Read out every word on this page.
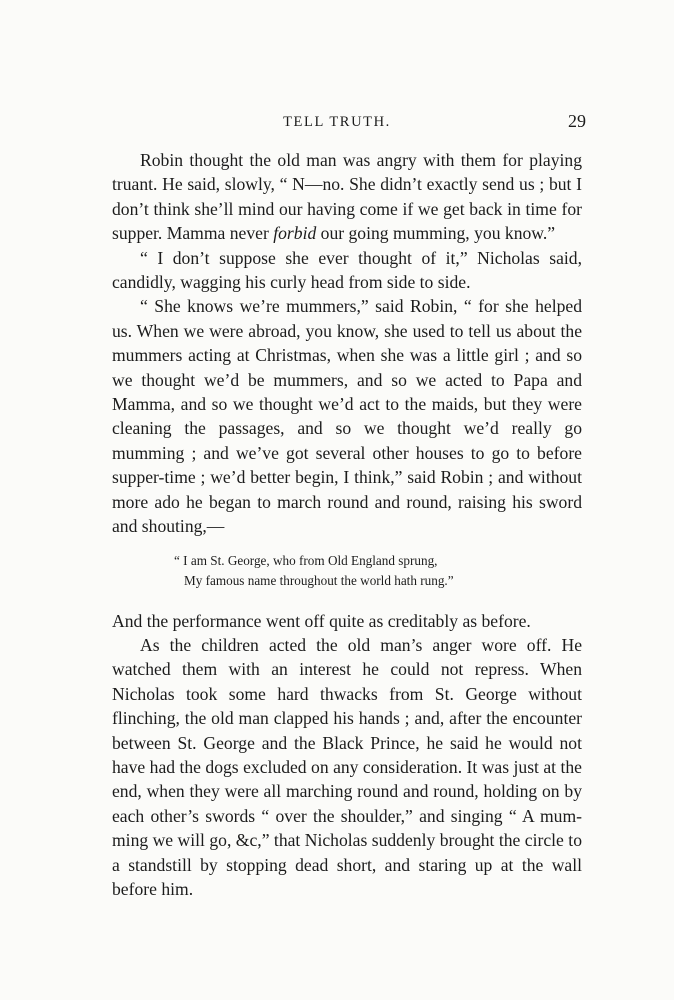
TELL TRUTH.	29

Robin thought the old man was angry with them for playing truant. He said, slowly, “ N—no. She didn’t exactly send us ; but I don’t think she’ll mind our having come if we get back in time for supper. Mamma never forbid our going mumming, you know.”

“ I don’t suppose she ever thought of it,” Nicholas said, candidly, wagging his curly head from side to side.

“ She knows we’re mummers,” said Robin, “ for she helped us. When we were abroad, you know, she used to tell us about the mummers acting at Christmas, when she was a little girl ; and so we thought we’d be mummers, and so we acted to Papa and Mamma, and so we thought we’d act to the maids, but they were cleaning the passages, and so we thought we’d really go mumming ; and we’ve got several other houses to go to before supper-time ; we’d better begin, I think,” said Robin ; and without more ado he began to march round and round, raising his sword and shouting,—

“ I am St. George, who from Old England sprung,
My famous name throughout the world hath rung.”

And the performance went off quite as creditably as before.

As the children acted the old man’s anger wore off. He watched them with an interest he could not repress. When Nicholas took some hard thwacks from St. George without flinching, the old man clapped his hands ; and, after the encounter between St. George and the Black Prince, he said he would not have had the dogs excluded on any consideration. It was just at the end, when they were all marching round and round, holding on by each other’s swords “ over the shoulder,” and singing “ A mum-ming we will go, &c,” that Nicholas suddenly brought the circle to a standstill by stopping dead short, and staring up at the wall before him.
